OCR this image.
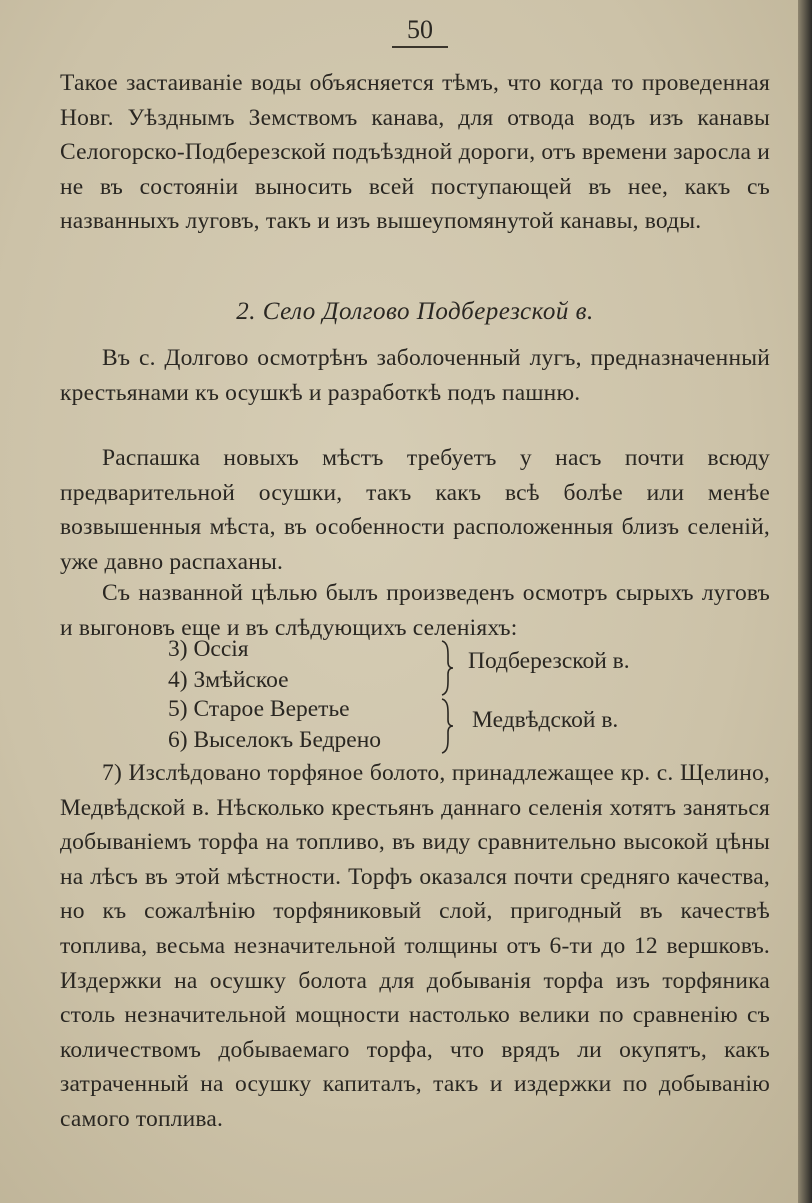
50

Такое застаиваніе воды объясняется тѣмъ, что когда то проведенная Новг. Уѣзднымъ Земствомъ канава, для отвода водъ изъ канавы Селогорско-Подберезской подъѣздной дороги, отъ времени заросла и не въ состояніи выносить всей поступающей въ нее, какъ съ названныхъ луговъ, такъ и изъ вышеупомянутой канавы, воды.

2. Село Долгово Подберезской в.

Въ с. Долгово осмотрѣнъ заболоченный лугъ, предназначенный крестьянами къ осушкѣ и разработкѣ подъ пашню.

Распашка новыхъ мѣстъ требуетъ у насъ почти всюду предварительной осушки, такъ какъ всѣ болѣе или менѣе возвышенныя мѣста, въ особенности расположенныя близъ селеній, уже давно распаханы.

Съ названной цѣлью былъ произведенъ осмотръ сырыхъ луговъ и выгоновъ еще и въ слѣдующихъ селеніяхъ:

3) Оссія
4) Змѣйское
Подберезской в.
5) Старое Веретье
6) Выселокъ Бедрено
Медвѣдской в.

7) Изслѣдовано торфяное болото, принадлежащее кр. с. Щелино, Медвѣдской в. Нѣсколько крестьянъ даннаго селенія хотятъ заняться добываніемъ торфа на топливо, въ виду сравнительно высокой цѣны на лѣсъ въ этой мѣстности. Торфъ оказался почти средняго качества, но къ сожалѣнію торфяниковый слой, пригодный въ качествѣ топлива, весьма незначительной толщины отъ 6-ти до 12 вершковъ. Издержки на осушку болота для добыванія торфа изъ торфяника столь незначительной мощности настолько велики по сравненію съ количествомъ добываемаго торфа, что врядъ ли окупятъ, какъ затраченный на осушку капиталъ, такъ и издержки по добыванію самого топлива.
